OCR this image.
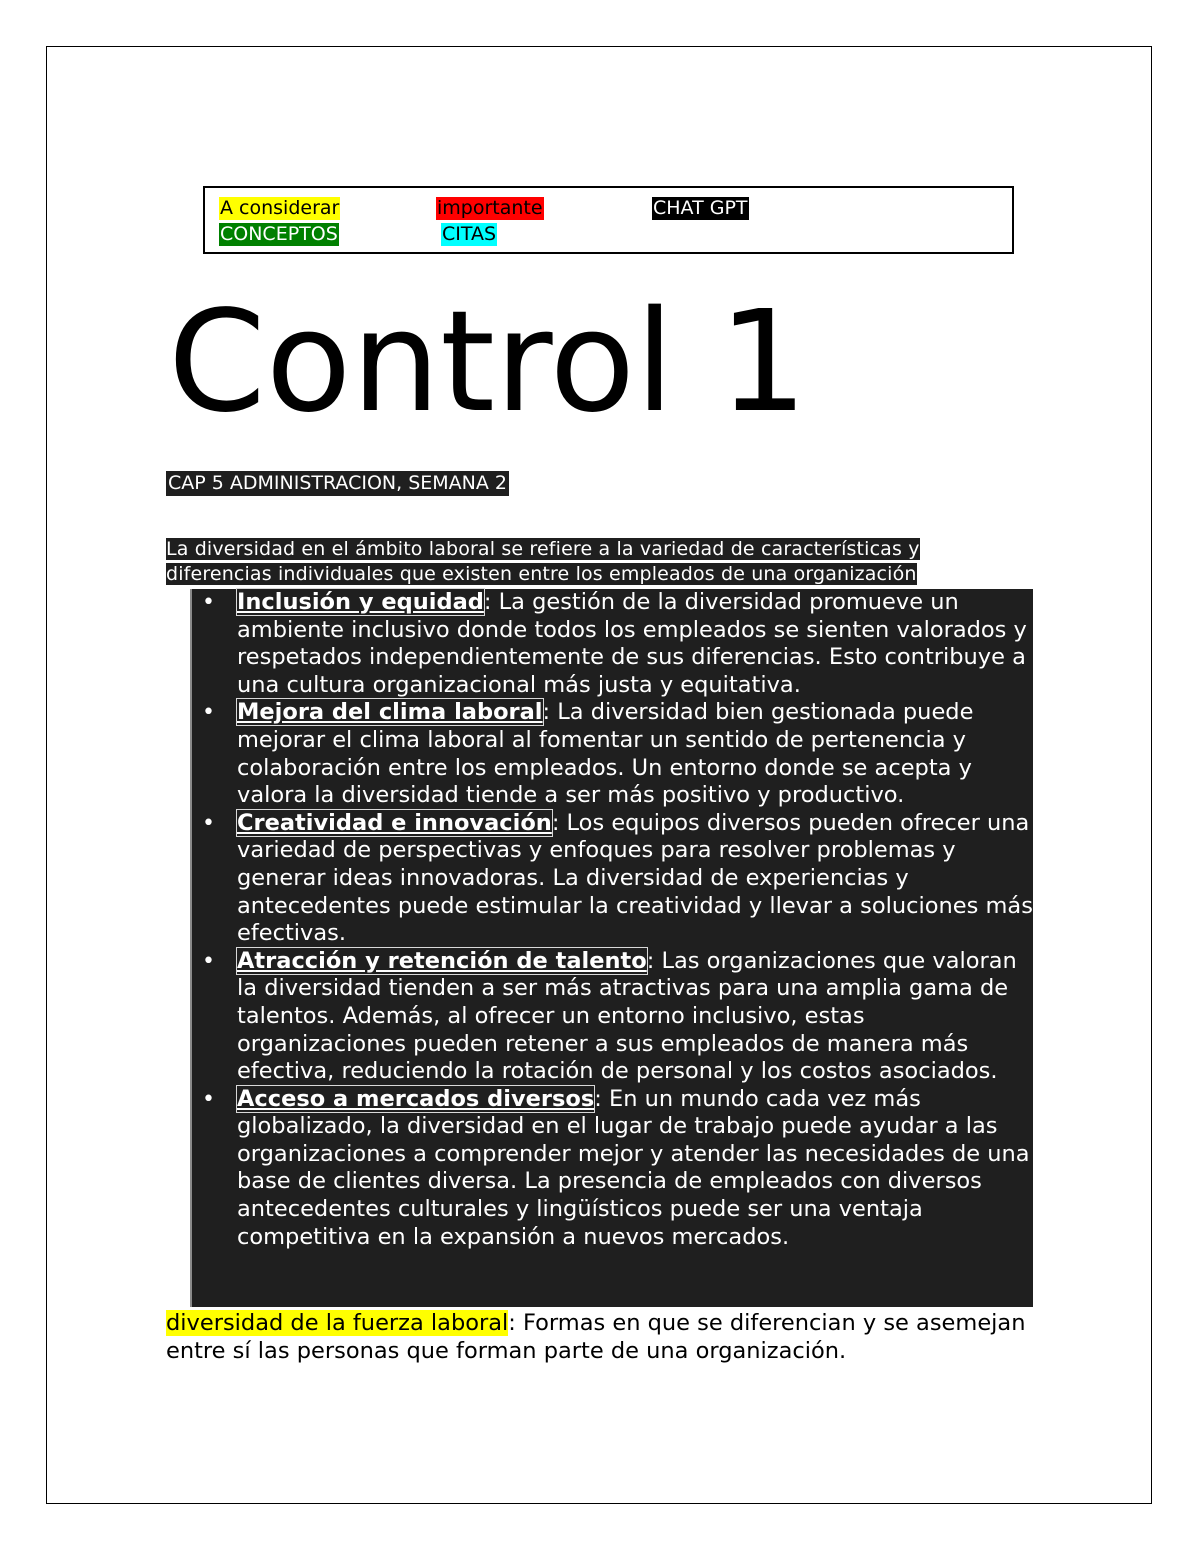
A considerar	importante	CHAT GPT
CONCEPTOS	CITAS
Control 1
CAP 5 ADMINISTRACION, SEMANA 2
La diversidad en el ámbito laboral se refiere a la variedad de características y diferencias individuales que existen entre los empleados de una organización
• Inclusión y equidad: La gestión de la diversidad promueve un ambiente inclusivo donde todos los empleados se sienten valorados y respetados independientemente de sus diferencias. Esto contribuye a una cultura organizacional más justa y equitativa.
• Mejora del clima laboral: La diversidad bien gestionada puede mejorar el clima laboral al fomentar un sentido de pertenencia y colaboración entre los empleados. Un entorno donde se acepta y valora la diversidad tiende a ser más positivo y productivo.
• Creatividad e innovación: Los equipos diversos pueden ofrecer una variedad de perspectivas y enfoques para resolver problemas y generar ideas innovadoras. La diversidad de experiencias y antecedentes puede estimular la creatividad y llevar a soluciones más efectivas.
• Atracción y retención de talento: Las organizaciones que valoran la diversidad tienden a ser más atractivas para una amplia gama de talentos. Además, al ofrecer un entorno inclusivo, estas organizaciones pueden retener a sus empleados de manera más efectiva, reduciendo la rotación de personal y los costos asociados.
• Acceso a mercados diversos: En un mundo cada vez más globalizado, la diversidad en el lugar de trabajo puede ayudar a las organizaciones a comprender mejor y atender las necesidades de una base de clientes diversa. La presencia de empleados con diversos antecedentes culturales y lingüísticos puede ser una ventaja competitiva en la expansión a nuevos mercados.
diversidad de la fuerza laboral: Formas en que se diferencian y se asemejan entre sí las personas que forman parte de una organización.
